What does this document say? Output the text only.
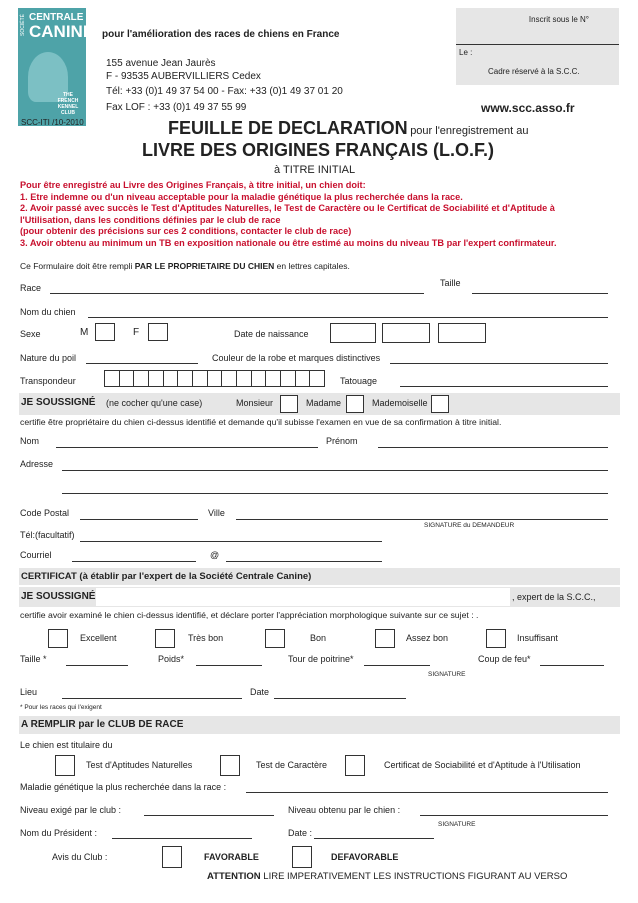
SOCIÉTÉ CENTRALE
CANINE
THE FRENCH KENNEL CLUB
pour l'amélioration des races de chiens en France
155 avenue Jean Jaurès
F - 93535 AUBERVILLIERS Cedex
Tél: +33 (0)1 49 37 54 00 - Fax: +33 (0)1 49 37 01 20
Fax LOF : +33 (0)1 49 37 55 99
SCC-ITI /10-2010
Inscrit sous le N°
Le :
Cadre réservé à la S.C.C.
www.scc.asso.fr
FEUILLE DE DECLARATION pour l'enregistrement au
LIVRE DES ORIGINES FRANÇAIS (L.O.F.)
à TITRE INITIAL
Pour être enregistré au Livre des Origines Français, à titre initial, un chien doit:
1. Etre indemne ou d'un niveau acceptable pour la maladie génétique la plus recherchée dans la race.
2. Avoir passé avec succès le Test d'Aptitudes Naturelles, le Test de Caractère ou le Certificat de Sociabilité et d'Aptitude à
l'Utilisation, dans les conditions définies par le club de race
(pour obtenir des précisions sur ces 2 conditions, contacter le club de race)
3. Avoir obtenu au minimum un TB en exposition nationale ou être estimé au moins du niveau TB par l'expert confirmateur.
Ce Formulaire doit être rempli PAR LE PROPRIETAIRE DU CHIEN en lettres capitales.
Race	Taille
Nom du chien
Sexe	M	F	Date de naissance
Nature du poil	Couleur de la robe et marques distinctives
Transpondeur	Tatouage
JE SOUSSIGNÉ (ne cocher qu'une case)	Monsieur	Madame	Mademoiselle
certifie être propriétaire du chien ci-dessus identifié et demande qu'il subisse l'examen en vue de sa confirmation à titre initial.
Nom	Prénom
Adresse
Code Postal	Ville
Tél:(facultatif)
SIGNATURE du DEMANDEUR
Courriel	@
CERTIFICAT (à établir par l'expert de la Société Centrale Canine)
JE SOUSSIGNÉ	, expert de la S.C.C.,
certifie avoir examiné le chien ci-dessus identifié, et déclare porter l'appréciation morphologique suivante sur ce sujet : .
Excellent	Très bon	Bon	Assez bon	Insuffisant
Taille *	Poids*	Tour de poitrine*	Coup de feu*
SIGNATURE
Lieu	Date
* Pour les races qui l'exigent
A REMPLIR par le CLUB DE RACE
Le chien est titulaire du
Test d'Aptitudes Naturelles	Test de Caractère	Certificat de Sociabilité et d'Aptitude à l'Utilisation
Maladie génétique la plus recherchée dans la race :
Niveau exigé par le club :	Niveau obtenu par le chien :
SIGNATURE
Nom du Président :	Date :
Avis du Club :	FAVORABLE	DEFAVORABLE
ATTENTION LIRE IMPERATIVEMENT LES INSTRUCTIONS FIGURANT AU VERSO
